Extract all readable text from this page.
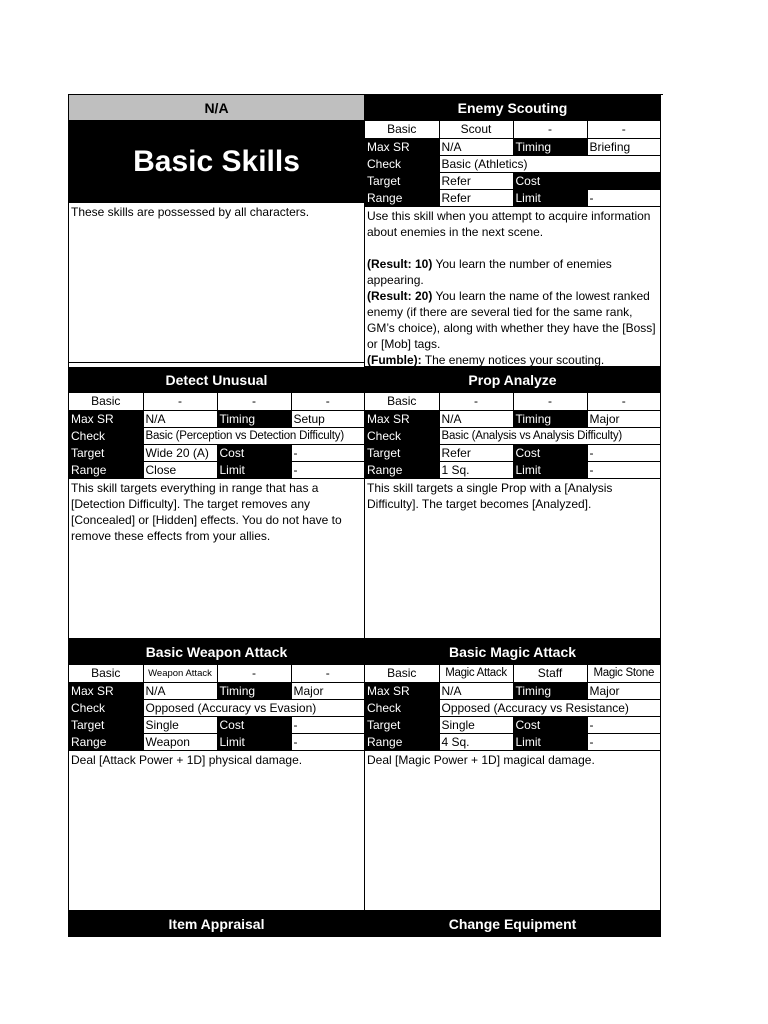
N/A
Basic Skills
These skills are possessed by all characters.
Enemy Scouting
Basic	Scout	-	-
Max SR	N/A	Timing	Briefing
Check	Basic (Athletics)		
Target	Refer	Cost	
Range	Refer	Limit	-

Use this skill when you attempt to acquire information about enemies in the next scene.

(Result: 10) You learn the number of enemies appearing.

(Result: 20) You learn the name of the lowest ranked enemy (if there are several tied for the same rank, GM’s choice), along with whether they have the [Boss] or [Mob] tags.

(Fumble): The enemy notices your scouting.

Detect Unusual
Basic	-	-	-
Max SR	N/A	Timing	Setup
Check	Basic (Perception vs Detection Difficulty)		
Target	Wide 20 (A)	Cost	-
Range	Close	Limit	-
This skill targets everything in range that has a [Detection Difficulty]. The target removes any [Concealed] or [Hidden] effects. You do not have to remove these effects from your allies.
Prop Analyze
Basic	-	-	-
Max SR	N/A	Timing	Major
Check	Basic (Analysis vs Analysis Difficulty)		
Target	Refer	Cost	-
Range	1 Sq.	Limit	-
This skill targets a single Prop with a [Analysis Difficulty]. The target becomes [Analyzed].
Basic Weapon Attack
Basic	Weapon Attack	-	-
Max SR	N/A	Timing	Major
Check	Opposed (Accuracy vs Evasion)		
Target	Single	Cost	-
Range	Weapon	Limit	-
Deal [Attack Power + 1D] physical damage.
Basic Magic Attack
Basic	Magic Attack	Staff	Magic Stone
Max SR	N/A	Timing	Major
Check	Opposed (Accuracy vs Resistance)		
Target	Single	Cost	-
Range	4 Sq.	Limit	-
Deal [Magic Power + 1D] magical damage.
Item Appraisal	Change Equipment
